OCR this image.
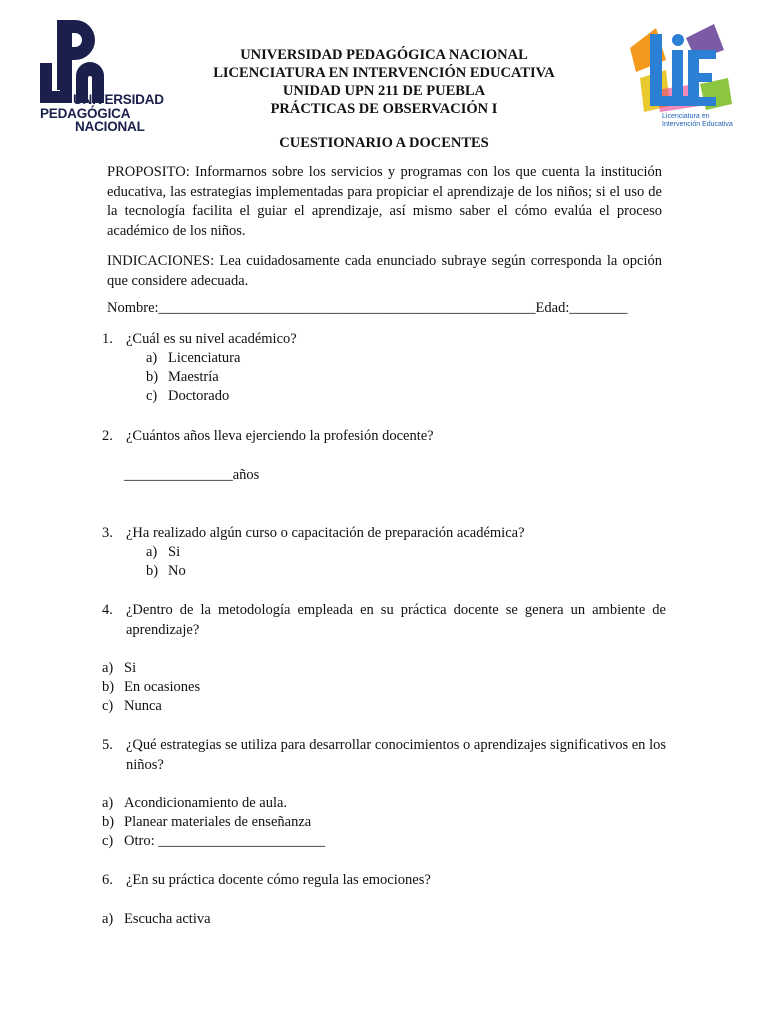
UNIVERSIDAD
PEDAGÓGICA
NACIONAL
Licenciatura en
Intervención Educativa
UNIVERSIDAD PEDAGÓGICA NACIONAL
LICENCIATURA EN INTERVENCIÓN EDUCATIVA
UNIDAD UPN 211 DE PUEBLA
PRÁCTICAS DE OBSERVACIÓN I
CUESTIONARIO A DOCENTES
PROPOSITO: Informarnos sobre los servicios y programas con los que cuenta la institución educativa, las estrategias implementadas para propiciar el aprendizaje de los niños; si el uso de la tecnología facilita el guiar el aprendizaje, así mismo saber el cómo evalúa el proceso académico de los niños.
INDICACIONES: Lea cuidadosamente cada enunciado subraye según corresponda la opción que considere adecuada.
Nombre:____________________________________________________Edad:________
1. ¿Cuál es su nivel académico?
a) Licenciatura
b) Maestría
c) Doctorado
2. ¿Cuántos años lleva ejerciendo la profesión docente?
_______________años
3. ¿Ha realizado algún curso o capacitación de preparación académica?
a) Si
b) No
4. ¿Dentro de la metodología empleada en su práctica docente se genera un ambiente de aprendizaje?
a) Si
b) En ocasiones
c) Nunca
5. ¿Qué estrategias se utiliza para desarrollar conocimientos o aprendizajes significativos en los niños?
a) Acondicionamiento de aula.
b) Planear materiales de enseñanza
c) Otro: _______________________
6. ¿En su práctica docente cómo regula las emociones?
a) Escucha activa
